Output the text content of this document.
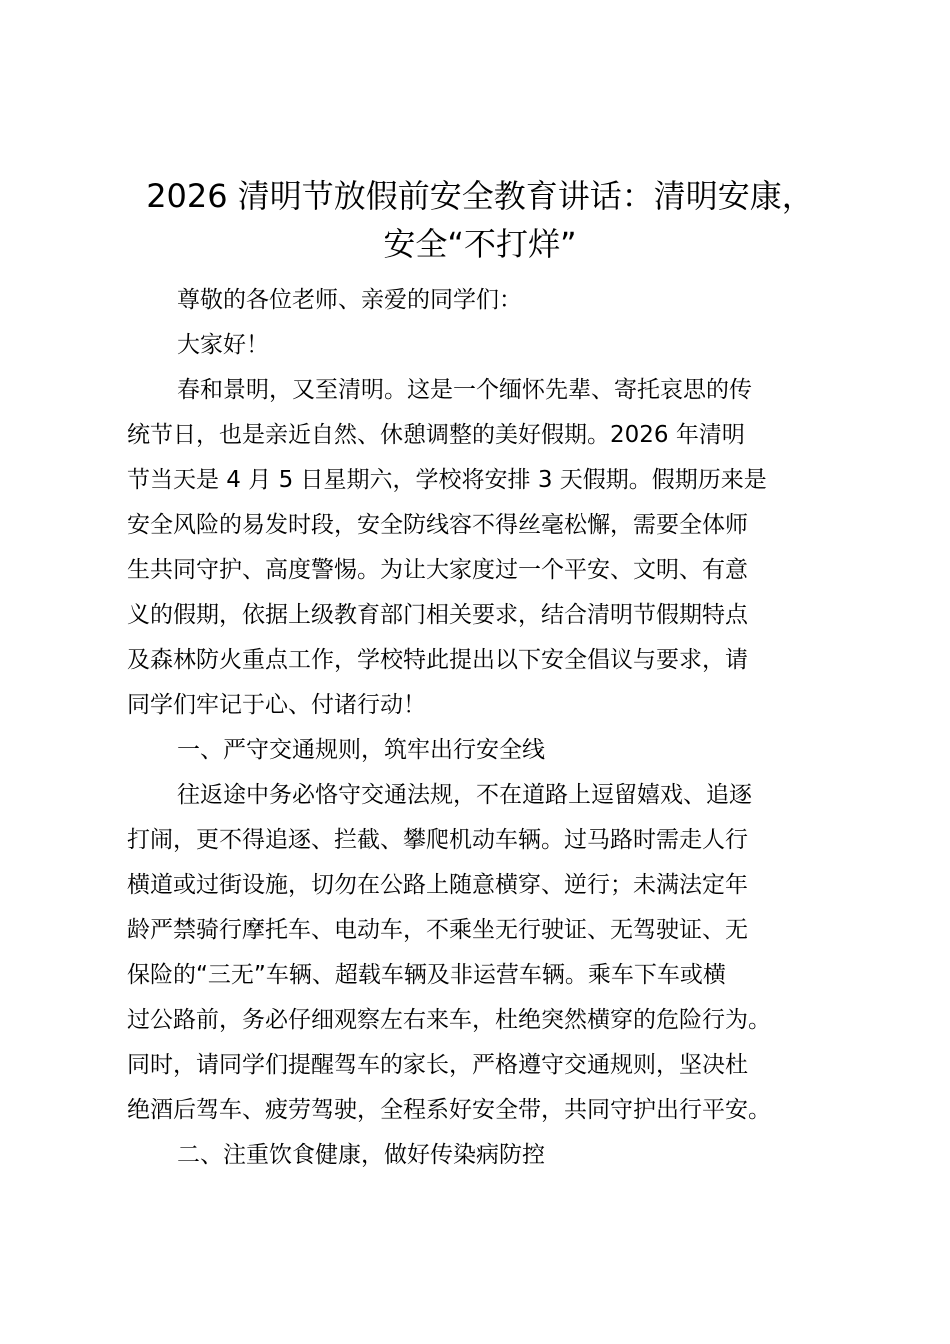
2026 清明节放假前安全教育讲话：清明安康，
安全“不打烊”
尊敬的各位老师、亲爱的同学们：
大家好！
春和景明，又至清明。这是一个缅怀先辈、寄托哀思的传
统节日，也是亲近自然、休憩调整的美好假期。2026 年清明
节当天是 4 月 5 日星期六，学校将安排 3 天假期。假期历来是
安全风险的易发时段，安全防线容不得丝毫松懈，需要全体师
生共同守护、高度警惕。为让大家度过一个平安、文明、有意
义的假期，依据上级教育部门相关要求，结合清明节假期特点
及森林防火重点工作，学校特此提出以下安全倡议与要求，请
同学们牢记于心、付诸行动！
一、严守交通规则，筑牢出行安全线
往返途中务必恪守交通法规，不在道路上逗留嬉戏、追逐
打闹，更不得追逐、拦截、攀爬机动车辆。过马路时需走人行
横道或过街设施，切勿在公路上随意横穿、逆行；未满法定年
龄严禁骑行摩托车、电动车，不乘坐无行驶证、无驾驶证、无
保险的“三无”车辆、超载车辆及非运营车辆。乘车下车或横
过公路前，务必仔细观察左右来车，杜绝突然横穿的危险行为。
同时，请同学们提醒驾车的家长，严格遵守交通规则，坚决杜
绝酒后驾车、疲劳驾驶，全程系好安全带，共同守护出行平安。
二、注重饮食健康，做好传染病防控
